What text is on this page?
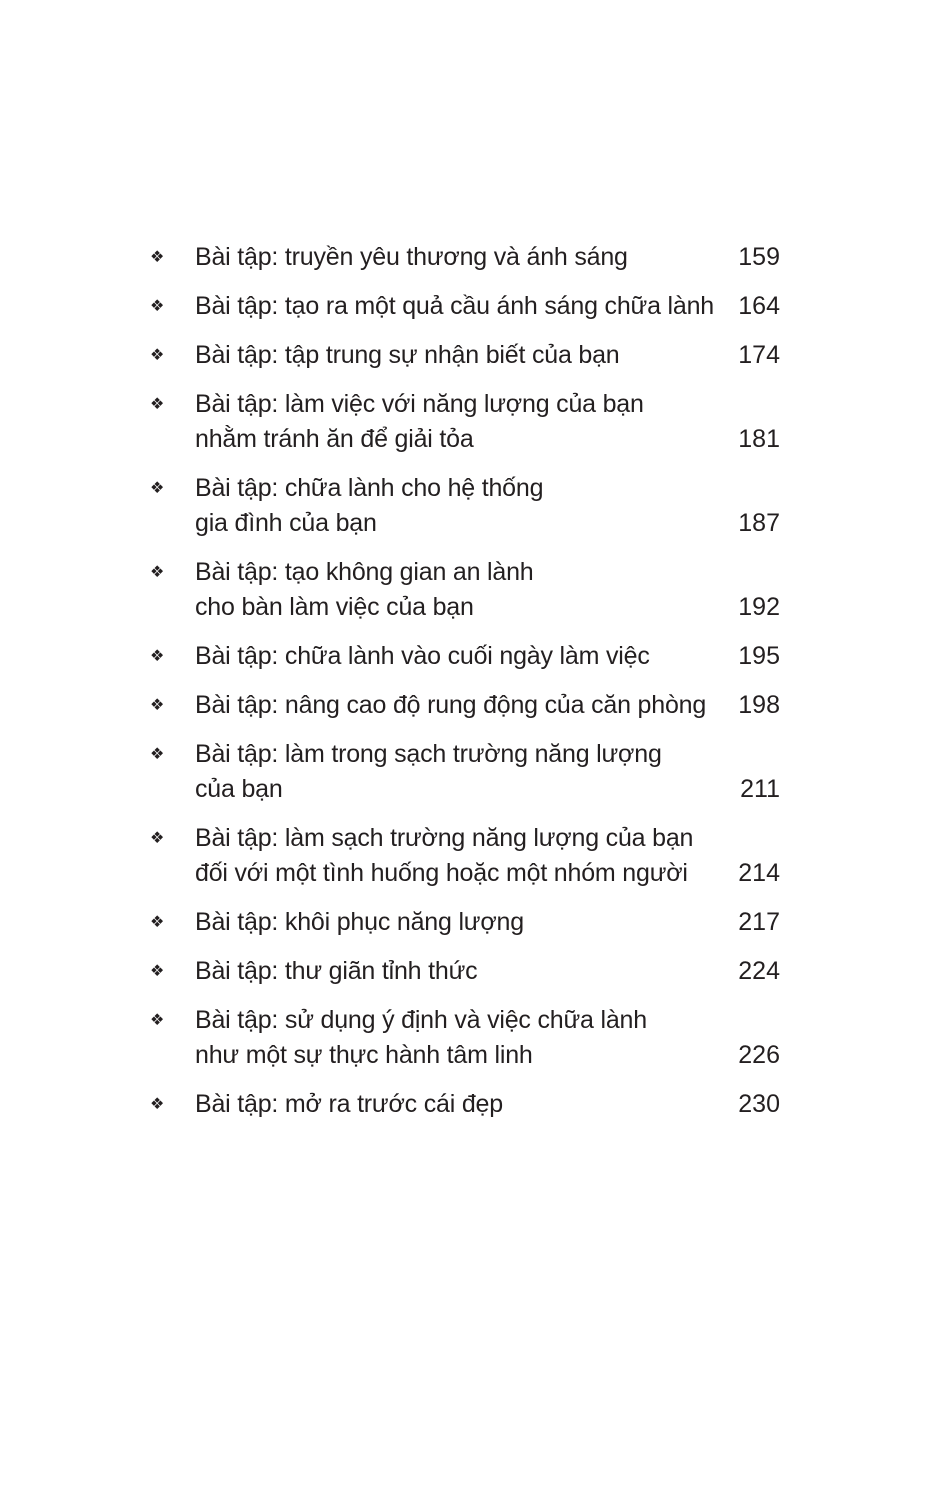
❖	Bài tập: truyền yêu thương và ánh sáng	159
❖	Bài tập: tạo ra một quả cầu ánh sáng chữa lành 164
❖	Bài tập: tập trung sự nhận biết của bạn	174
❖	Bài tập: làm việc với năng lượng của bạn
nhằm tránh ăn để giải tỏa	181
❖	Bài tập: chữa lành cho hệ thống
gia đình của bạn	187
❖	Bài tập: tạo không gian an lành
cho bàn làm việc của bạn	192
❖	Bài tập: chữa lành vào cuối ngày làm việc	195
❖	Bài tập: nâng cao độ rung động của căn phòng	198
❖	Bài tập: làm trong sạch trường năng lượng
của bạn	211
❖	Bài tập: làm sạch trường năng lượng của bạn
đối với một tình huống hoặc một nhóm người	214
❖	Bài tập: khôi phục năng lượng	217
❖	Bài tập: thư giãn tỉnh thức	224
❖	Bài tập: sử dụng ý định và việc chữa lành
như một sự thực hành tâm linh	226
❖	Bài tập: mở ra trước cái đẹp	230
